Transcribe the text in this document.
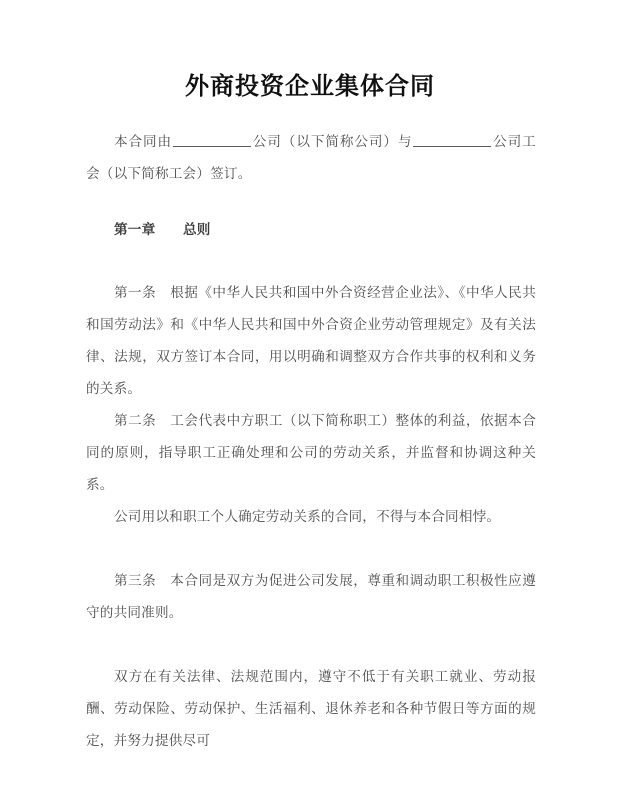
外商投资企业集体合同

本合同由	公司（以下简称公司）与	公司工会（以下简称工会）签订。

第一章　　 总则

第一条　根据《中华人民共和国中外合资经营企业法》、《中华人民共和国劳动法》和《中华人民共和国中外合资企业劳动管理规定》及有关法律、法规，双方签订本合同，用以明确和调整双方合作共事的权利和义务的关系。

第二条　工会代表中方职工（以下简称职工）整体的利益，依据本合同的原则，指导职工正确处理和公司的劳动关系，并监督和协调这种关系。

公司用以和职工个人确定劳动关系的合同，不得与本合同相悖。

第三条　本合同是双方为促进公司发展，尊重和调动职工积极性应遵守的共同准则。

双方在有关法律、法规范围内，遵守不低于有关职工就业、劳动报酬、劳动保险、劳动保护、生活福利、退休养老和各种节假日等方面的规定，并努力提供尽可
